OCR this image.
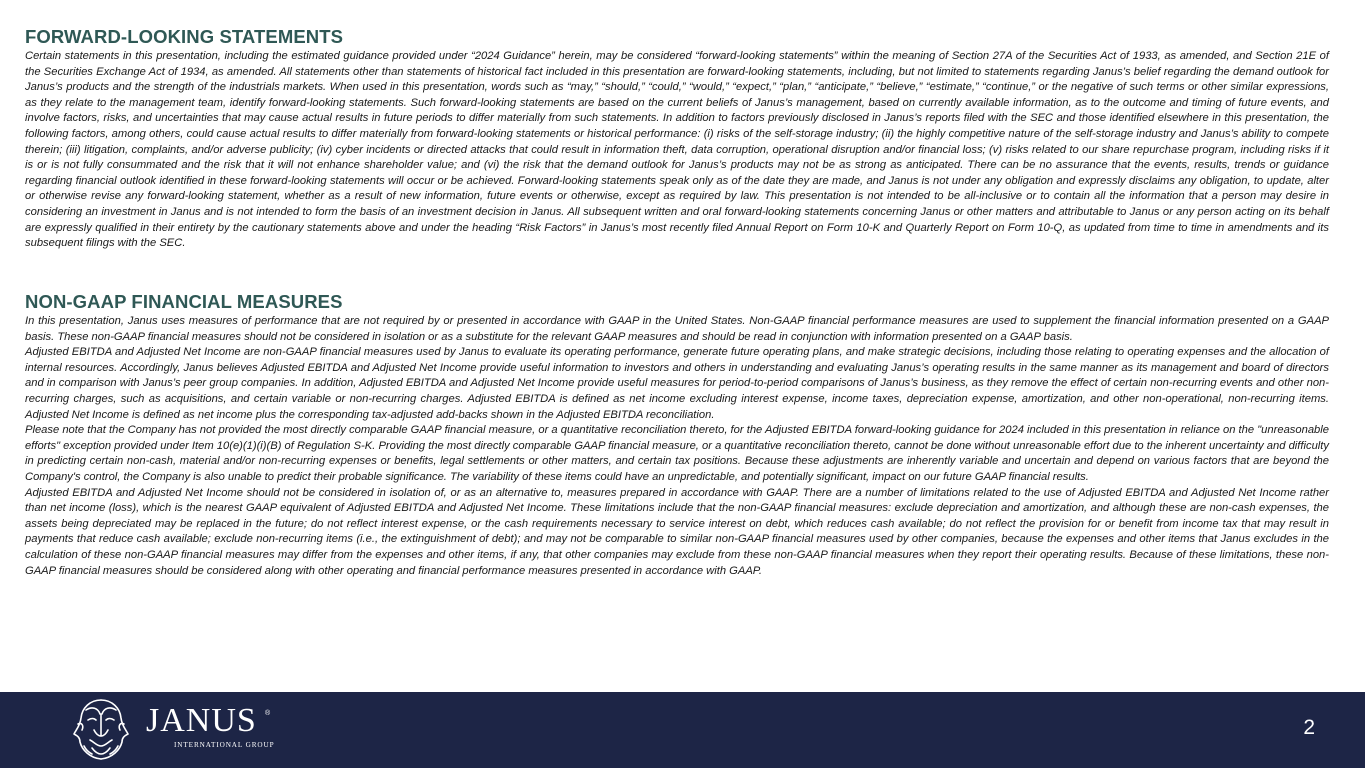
FORWARD-LOOKING STATEMENTS

Certain statements in this presentation, including the estimated guidance provided under “2024 Guidance” herein, may be considered “forward-looking statements” within the meaning of Section 27A of the Securities Act of 1933, as amended, and Section 21E of the Securities Exchange Act of 1934, as amended. All statements other than statements of historical fact included in this presentation are forward-looking statements, including, but not limited to statements regarding Janus’s belief regarding the demand outlook for Janus’s products and the strength of the industrials markets. When used in this presentation, words such as “may,” “should,” “could,” “would,” “expect,” “plan,” “anticipate,” “believe,” “estimate,” “continue,” or the negative of such terms or other similar expressions, as they relate to the management team, identify forward-looking statements. Such forward-looking statements are based on the current beliefs of Janus’s management, based on currently available information, as to the outcome and timing of future events, and involve factors, risks, and uncertainties that may cause actual results in future periods to differ materially from such statements. In addition to factors previously disclosed in Janus’s reports filed with the SEC and those identified elsewhere in this presentation, the following factors, among others, could cause actual results to differ materially from forward-looking statements or historical performance: (i) risks of the self-storage industry; (ii) the highly competitive nature of the self-storage industry and Janus’s ability to compete therein; (iii) litigation, complaints, and/or adverse publicity; (iv) cyber incidents or directed attacks that could result in information theft, data corruption, operational disruption and/or financial loss; (v) risks related to our share repurchase program, including risks if it is or is not fully consummated and the risk that it will not enhance shareholder value; and (vi) the risk that the demand outlook for Janus’s products may not be as strong as anticipated. There can be no assurance that the events, results, trends or guidance regarding financial outlook identified in these forward-looking statements will occur or be achieved. Forward-looking statements speak only as of the date they are made, and Janus is not under any obligation and expressly disclaims any obligation, to update, alter or otherwise revise any forward-looking statement, whether as a result of new information, future events or otherwise, except as required by law. This presentation is not intended to be all-inclusive or to contain all the information that a person may desire in considering an investment in Janus and is not intended to form the basis of an investment decision in Janus. All subsequent written and oral forward-looking statements concerning Janus or other matters and attributable to Janus or any person acting on its behalf are expressly qualified in their entirety by the cautionary statements above and under the heading “Risk Factors” in Janus’s most recently filed Annual Report on Form 10-K and Quarterly Report on Form 10-Q, as updated from time to time in amendments and its subsequent filings with the SEC.

NON-GAAP FINANCIAL MEASURES

In this presentation, Janus uses measures of performance that are not required by or presented in accordance with GAAP in the United States. Non-GAAP financial performance measures are used to supplement the financial information presented on a GAAP basis. These non-GAAP financial measures should not be considered in isolation or as a substitute for the relevant GAAP measures and should be read in conjunction with information presented on a GAAP basis.

Adjusted EBITDA and Adjusted Net Income are non-GAAP financial measures used by Janus to evaluate its operating performance, generate future operating plans, and make strategic decisions, including those relating to operating expenses and the allocation of internal resources. Accordingly, Janus believes Adjusted EBITDA and Adjusted Net Income provide useful information to investors and others in understanding and evaluating Janus’s operating results in the same manner as its management and board of directors and in comparison with Janus’s peer group companies. In addition, Adjusted EBITDA and Adjusted Net Income provide useful measures for period-to-period comparisons of Janus’s business, as they remove the effect of certain non-recurring events and other non-recurring charges, such as acquisitions, and certain variable or non-recurring charges. Adjusted EBITDA is defined as net income excluding interest expense, income taxes, depreciation expense, amortization, and other non-operational, non-recurring items. Adjusted Net Income is defined as net income plus the corresponding tax-adjusted add-backs shown in the Adjusted EBITDA reconciliation.

Please note that the Company has not provided the most directly comparable GAAP financial measure, or a quantitative reconciliation thereto, for the Adjusted EBITDA forward-looking guidance for 2024 included in this presentation in reliance on the "unreasonable efforts" exception provided under Item 10(e)(1)(i)(B) of Regulation S-K. Providing the most directly comparable GAAP financial measure, or a quantitative reconciliation thereto, cannot be done without unreasonable effort due to the inherent uncertainty and difficulty in predicting certain non-cash, material and/or non-recurring expenses or benefits, legal settlements or other matters, and certain tax positions. Because these adjustments are inherently variable and uncertain and depend on various factors that are beyond the Company's control, the Company is also unable to predict their probable significance. The variability of these items could have an unpredictable, and potentially significant, impact on our future GAAP financial results.

Adjusted EBITDA and Adjusted Net Income should not be considered in isolation of, or as an alternative to, measures prepared in accordance with GAAP. There are a number of limitations related to the use of Adjusted EBITDA and Adjusted Net Income rather than net income (loss), which is the nearest GAAP equivalent of Adjusted EBITDA and Adjusted Net Income. These limitations include that the non-GAAP financial measures: exclude depreciation and amortization, and although these are non-cash expenses, the assets being depreciated may be replaced in the future; do not reflect interest expense, or the cash requirements necessary to service interest on debt, which reduces cash available; do not reflect the provision for or benefit from income tax that may result in payments that reduce cash available; exclude non-recurring items (i.e., the extinguishment of debt); and may not be comparable to similar non-GAAP financial measures used by other companies, because the expenses and other items that Janus excludes in the calculation of these non-GAAP financial measures may differ from the expenses and other items, if any, that other companies may exclude from these non-GAAP financial measures when they report their operating results. Because of these limitations, these non-GAAP financial measures should be considered along with other operating and financial performance measures presented in accordance with GAAP.

JANUS ®
INTERNATIONAL GROUP
2
